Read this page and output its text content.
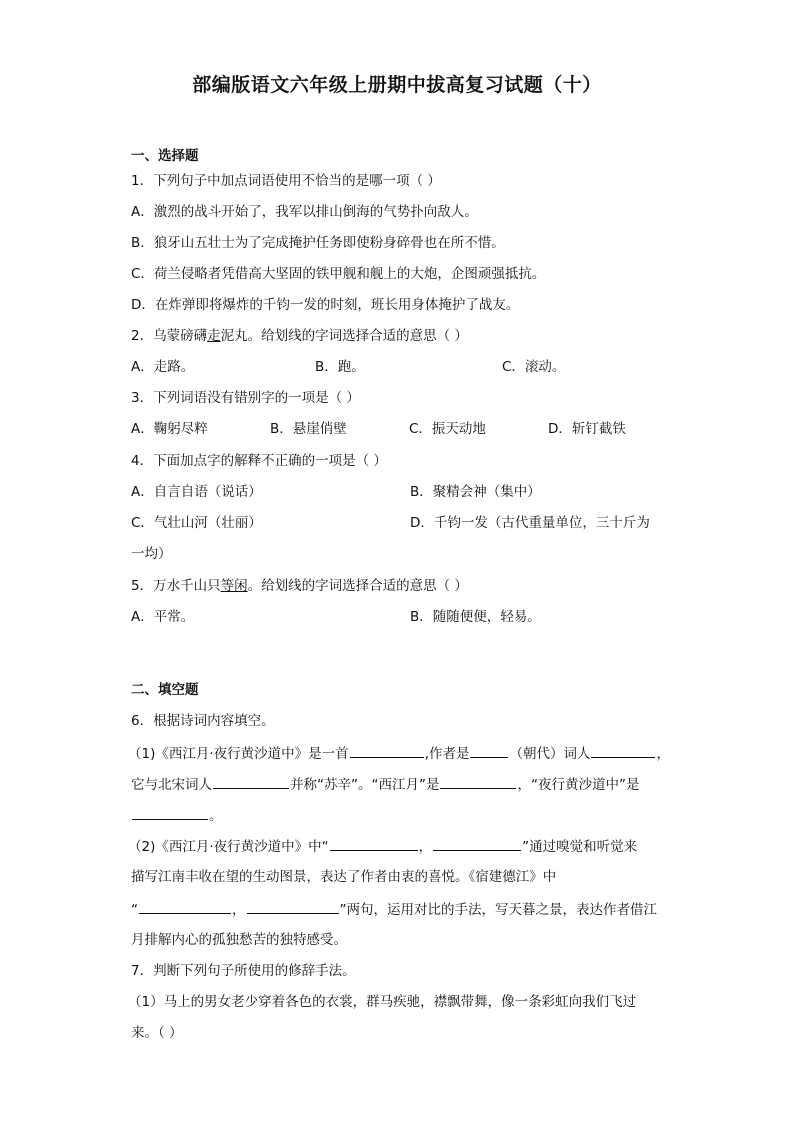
部编版语文六年级上册期中拔高复习试题（十）
一、选择题
1．下列句子中加点词语使用不恰当的是哪一项（ ）
A．激烈的战斗开始了，我军以排山倒海的气势扑向敌人。
B．狼牙山五壮士为了完成掩护任务即使粉身碎骨也在所不惜。
C．荷兰侵略者凭借高大坚固的铁甲舰和舰上的大炮，企图顽强抵抗。
D．在炸弹即将爆炸的千钧一发的时刻，班长用身体掩护了战友。
2．乌蒙磅礴走泥丸。给划线的字词选择合适的意思（ ）
A．走路。	B．跑。	C．滚动。
3．下列词语没有错别字的一项是（ ）
A．鞠躬尽粹	B．悬崖俏壁	C．振天动地	D．斩钉截铁
4．下面加点字的解释不正确的一项是（ ）
A．自言自语（说话）	B．聚精会神（集中）
C．气壮山河（壮丽）	D．千钧一发（古代重量单位，三十斤为
一均）
5．万水千山只等闲。给划线的字词选择合适的意思（ ）
A．平常。	B．随随便便，轻易。
二、填空题
6．根据诗词内容填空。
（1)《西江月·夜行黄沙道中》是一首	,作者是	（朝代）词人	，
它与北宋词人	并称“苏辛”。“西江月”是	，“夜行黄沙道中”是
。
（2)《西江月·夜行黄沙道中》中“	，	”通过嗅觉和听觉来
描写江南丰收在望的生动图景，表达了作者由衷的喜悦。《宿建德江》中
“	，	”两句，运用对比的手法，写天暮之景，表达作者借江
月排解内心的孤独愁苦的独特感受。
7．判断下列句子所使用的修辞手法。
（1）马上的男女老少穿着各色的衣裳，群马疾驰，襟飘带舞，像一条彩虹向我们飞过
来。（ ）
